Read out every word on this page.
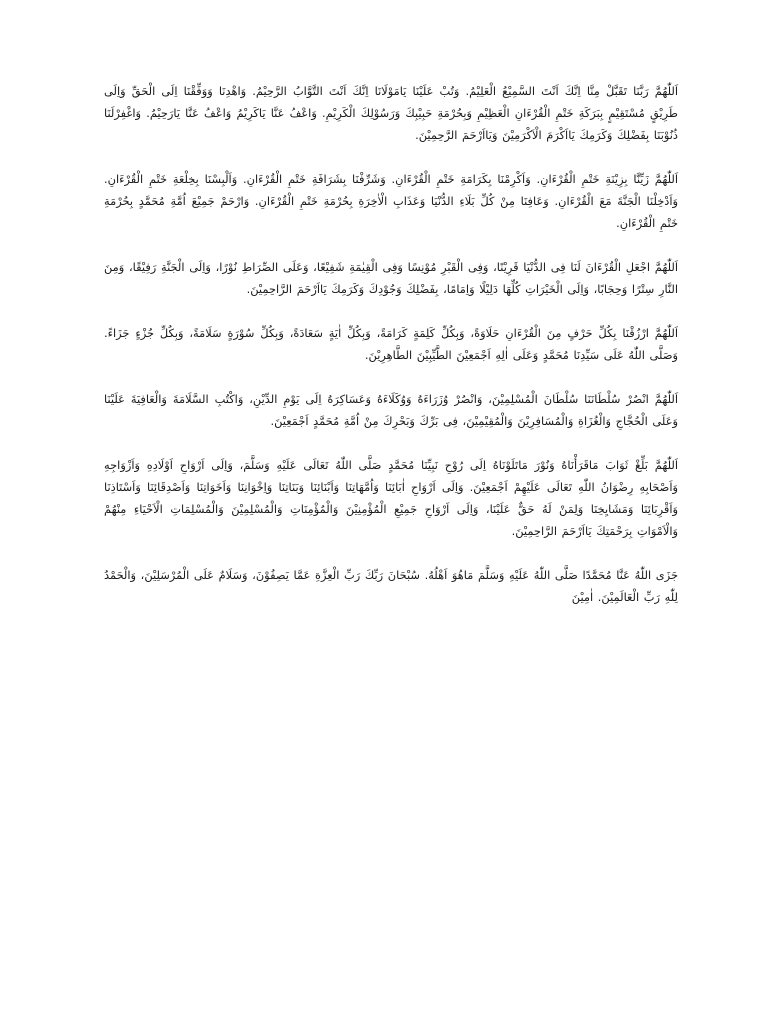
اَللّٰهُمَّ رَبَّنَا تَقَبَّلْ مِنَّا اِنَّكَ اَنْتَ السَّمِيْعُ الْعَلِيْمُ. وَتُبْ عَلَيْنَا يَامَوْلَانَا اِنَّكَ اَنْتَ التَّوَّابُ الرَّحِيْمُ. وَاهْدِنَا وَوَفِّقْنَا اِلَى الْحَقِّ وَاِلَى طَرِيْقٍ مُسْتَقِيْمٍ بِبَرَكَةِ خَتْمِ الْقُرْءَانِ الْعَظِيْمِ وَبِحُرْمَةِ حَبِيْبِكَ وَرَسُوْلِكَ الْكَرِيْمِ. وَاعْفُ عَنَّا يَاكَرِيْمُ وَاعْفُ عَنَّا يَارَحِيْمُ. وَاغْفِرْلَنَا ذُنُوْبَنَا بِفَضْلِكَ وَكَرَمِكَ يَااَكْرَمَ الْاَكْرَمِيْنَ وَيَااَرْحَمَ الرَّحِمِيْنَ.

اَللّٰهُمَّ زَيِّنَّا بِزِيْنَةِ خَتْمِ الْقُرْءَانِ. وَاَكْرِمْنَا بِكَرَامَةِ خَتْمِ الْقُرْءَانِ. وَشَرِّفْنَا بِشَرَافَةِ خَتْمِ الْقُرْءَانِ. وَاَلْبِسْنَا بِخِلْعَةِ خَتْمِ الْقُرْءَانِ. وَاَدْخِلْنَا الْجَنَّةَ مَعَ الْقُرْءَانِ. وَعَافِنَا مِنْ كُلِّ بَلَاءِ الدُّنْيَا وَعَذَابِ الْاٰخِرَةِ بِحُرْمَةِ خَتْمِ الْقُرْءَانِ. وَارْحَمْ جَمِيْعَ اُمَّةِ مُحَمَّدٍ بِحُرْمَةِ خَتْمِ الْقُرْءَانِ.

اَللّٰهُمَّ اجْعَلِ الْقُرْءَانَ لَنَا فِى الدُّنْيَا قَرِيْنًا، وَفِى الْقَبْرِ مُوْنِسًا وَفِى الْقِيٰمَةِ شَفِيْعًا، وَعَلَى الصِّرَاطِ نُوْرًا، وَاِلَى الْجَنَّةِ رَفِيْقًا، وَمِنَ النَّارِ سِتْرًا وَحِجَابًا، وَاِلَى الْخَيْرَاتِ كُلِّهَا دَلِيْلًا وَاِمَامًا، بِفَضْلِكَ وَجُوْدِكَ وَكَرَمِكَ يَااَرْحَمَ الرَّاحِمِيْنَ.

اَللّٰهُمَّ ارْزُقْنَا بِكُلِّ حَرْفٍ مِنَ الْقُرْءَانِ حَلَاوَةً، وَبِكُلِّ كَلِمَةٍ كَرَامَةً، وَبِكُلِّ اٰيَةٍ سَعَادَةً، وَبِكُلِّ سُوْرَةٍ سَلَامَةً، وَبِكُلِّ جُزْءٍ جَزَاءً. وَصَلَّى اللّٰهُ عَلَى سَيِّدِنَا مُحَمَّدٍ وَعَلَى اٰلِهِ اَجْمَعِيْنَ الطَّيِّبِيْنَ الطَّاهِرِيْنَ.

اَللّٰهُمَّ انْصُرْ سُلْطَانَنَا سُلْطَانَ الْمُسْلِمِيْنَ، وَانْصُرْ وُزَرَاءَهُ وَوُكَلَاءَهُ وَعَسَاكِرَهُ اِلَى يَوْمِ الدِّيْنِ، وَاكْتُبِ السَّلَامَةَ وَالْعَافِيَةَ عَلَيْنَا وَعَلَى الْحُجَّاجِ وَالْغُزَاةِ وَالْمُسَافِرِيْنَ وَالْمُقِيْمِيْنَ، فِى بَرِّكَ وَبَحْرِكَ مِنْ اُمَّةِ مُحَمَّدٍ اَجْمَعِيْنَ.

اَللّٰهُمَّ بَلِّغْ ثَوَابَ مَاقَرَأْنَاهُ وَنُوْرَ مَاتَلَوْنَاهُ اِلَى رُوْحِ نَبِيِّنَا مُحَمَّدٍ صَلَّى اللّٰهُ تَعَالَى عَلَيْهِ وَسَلَّمَ، وَاِلَى اَرْوَاحِ اَوْلَادِهِ وَاَزْوَاجِهِ وَاَصْحَابِهِ رِضْوَانُ اللّٰهِ تَعَالَى عَلَيْهِمْ اَجْمَعِيْنَ. وَاِلَى اَرْوَاحِ اٰبَائِنَا وَاُمَّهَاتِنَا وَاَبْنَائِنَا وَبَنَاتِنَا وَاِخْوَانِنَا وَاَخَوَاتِنَا وَاَصْدِقَائِنَا وَاَسْتَاذِنَا وَاَقْرِبَائِنَا وَمَشَايِخِنَا وَلِمَنْ لَهُ حَقٌّ عَلَيْنَا، وَاِلَى اَرْوَاحِ جَمِيْعِ الْمُؤْمِنِيْنَ وَالْمُؤْمِنَاتِ وَالْمُسْلِمِيْنَ وَالْمُسْلِمَاتِ الْاَحْيَاءِ مِنْهُمْ وَالْاَمْوَاتِ بِرَحْمَتِكَ يَااَرْحَمَ الرَّاحِمِيْنَ.

جَزَى اللّٰهُ عَنَّا مُحَمَّدًا صَلَّى اللّٰهُ عَلَيْهِ وَسَلَّمَ مَاهُوَ اَهْلُهُ. سُبْحَانَ رَبِّكَ رَبِّ الْعِزَّةِ عَمَّا يَصِفُوْنَ، وَسَلَامٌ عَلَى الْمُرْسَلِيْنَ، وَالْحَمْدُ لِلّٰهِ رَبِّ الْعَالَمِيْنَ. اٰمِيْنَ
